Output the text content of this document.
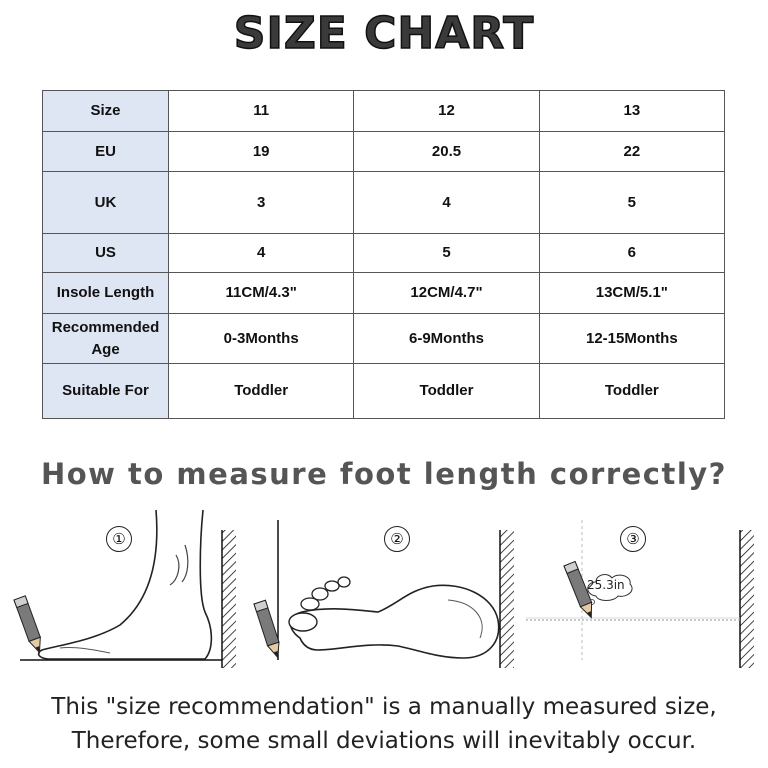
SIZE CHART
Size	11	12	13
EU	19	20.5	22
UK	3	4	5
US	4	5	6
Insole Length	11CM/4.3"	12CM/4.7"	13CM/5.1"
Recommended Age	0-3Months	6-9Months	12-15Months
Suitable For	Toddler	Toddler	Toddler
How to measure foot length correctly?
①	②	③
25.3in
This "size recommendation" is a manually measured size,
Therefore, some small deviations will inevitably occur.
